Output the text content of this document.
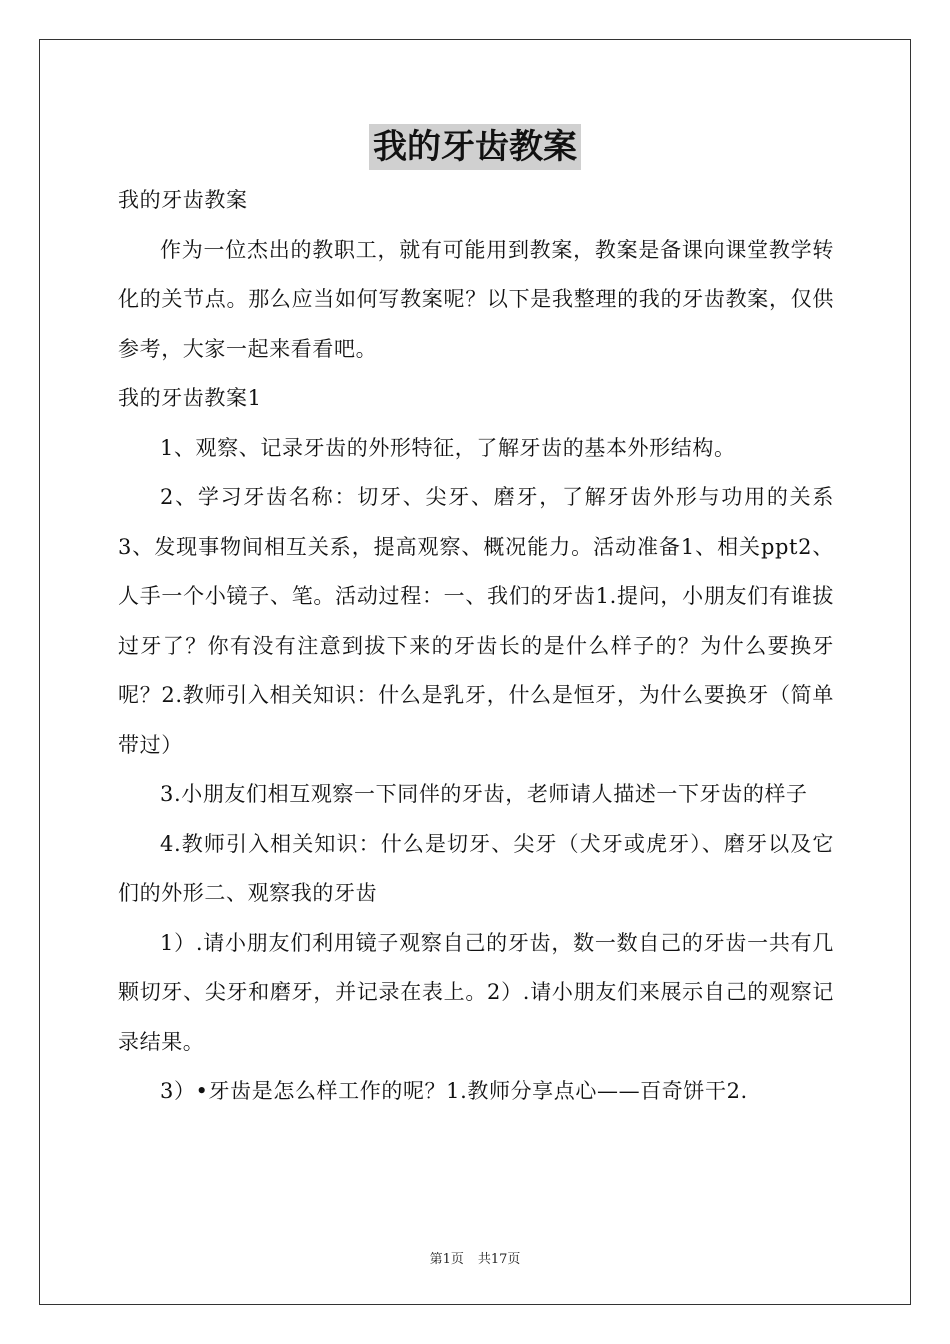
我的牙齿教案

我的牙齿教案

作为一位杰出的教职工，就有可能用到教案，教案是备课向课堂教学转化的关节点。那么应当如何写教案呢？以下是我整理的我的牙齿教案，仅供参考，大家一起来看看吧。

我的牙齿教案1

1、观察、记录牙齿的外形特征，了解牙齿的基本外形结构。

2、学习牙齿名称：切牙、尖牙、磨牙，了解牙齿外形与功用的关系3、发现事物间相互关系，提高观察、概况能力。活动准备1、相关ppt2、人手一个小镜子、笔。活动过程：一、我们的牙齿1.提问，小朋友们有谁拔过牙了？你有没有注意到拔下来的牙齿长的是什么样子的？为什么要换牙呢？2.教师引入相关知识：什么是乳牙，什么是恒牙，为什么要换牙（简单带过）

3.小朋友们相互观察一下同伴的牙齿，老师请人描述一下牙齿的样子

4.教师引入相关知识：什么是切牙、尖牙（犬牙或虎牙）、磨牙以及它们的外形二、观察我的牙齿

1）.请小朋友们利用镜子观察自己的牙齿，数一数自己的牙齿一共有几颗切牙、尖牙和磨牙，并记录在表上。2）.请小朋友们来展示自己的观察记录结果。

3）•牙齿是怎么样工作的呢？1.教师分享点心——百奇饼干2.

第1页 共17页
